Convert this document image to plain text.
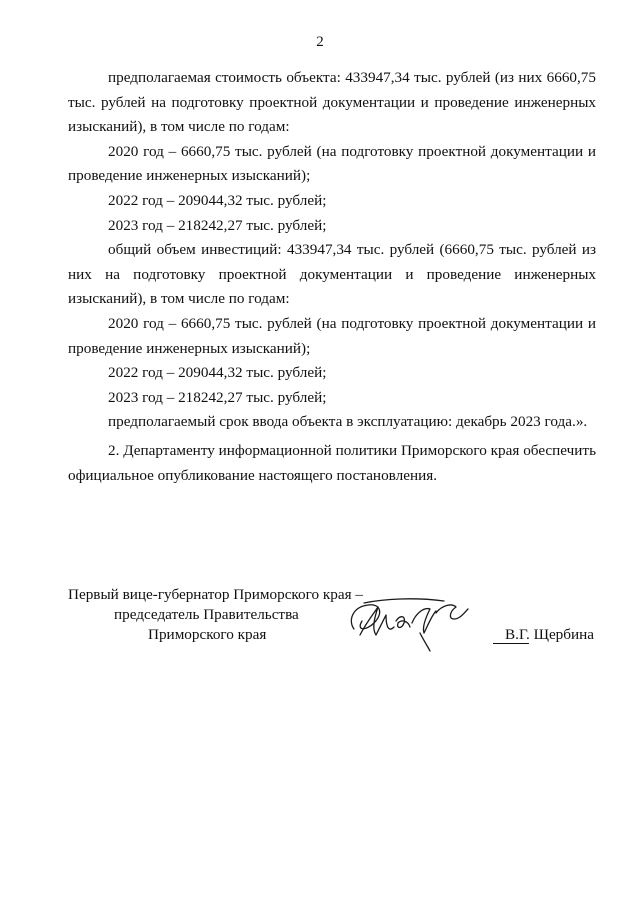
2

предполагаемая стоимость объекта: 433947,34 тыс. рублей (из них 6660,75 тыс. рублей на подготовку проектной документации и проведение инженерных изысканий), в том числе по годам:

2020 год – 6660,75 тыс. рублей (на подготовку проектной документации и проведение инженерных изысканий);

2022 год – 209044,32 тыс. рублей;

2023 год – 218242,27 тыс. рублей;

общий объем инвестиций: 433947,34 тыс. рублей (6660,75 тыс. рублей из них на подготовку проектной документации и проведение инженерных изысканий), в том числе по годам:

2020 год – 6660,75 тыс. рублей (на подготовку проектной документации и проведение инженерных изысканий);

2022 год – 209044,32 тыс. рублей;

2023 год – 218242,27 тыс. рублей;

предполагаемый срок ввода объекта в эксплуатацию: декабрь 2023 года.».

2. Департаменту информационной политики Приморского края обеспечить официальное опубликование настоящего постановления.

Первый вице-губернатор Приморского края –
председатель Правительства
Приморского края	В.Г. Щербина
